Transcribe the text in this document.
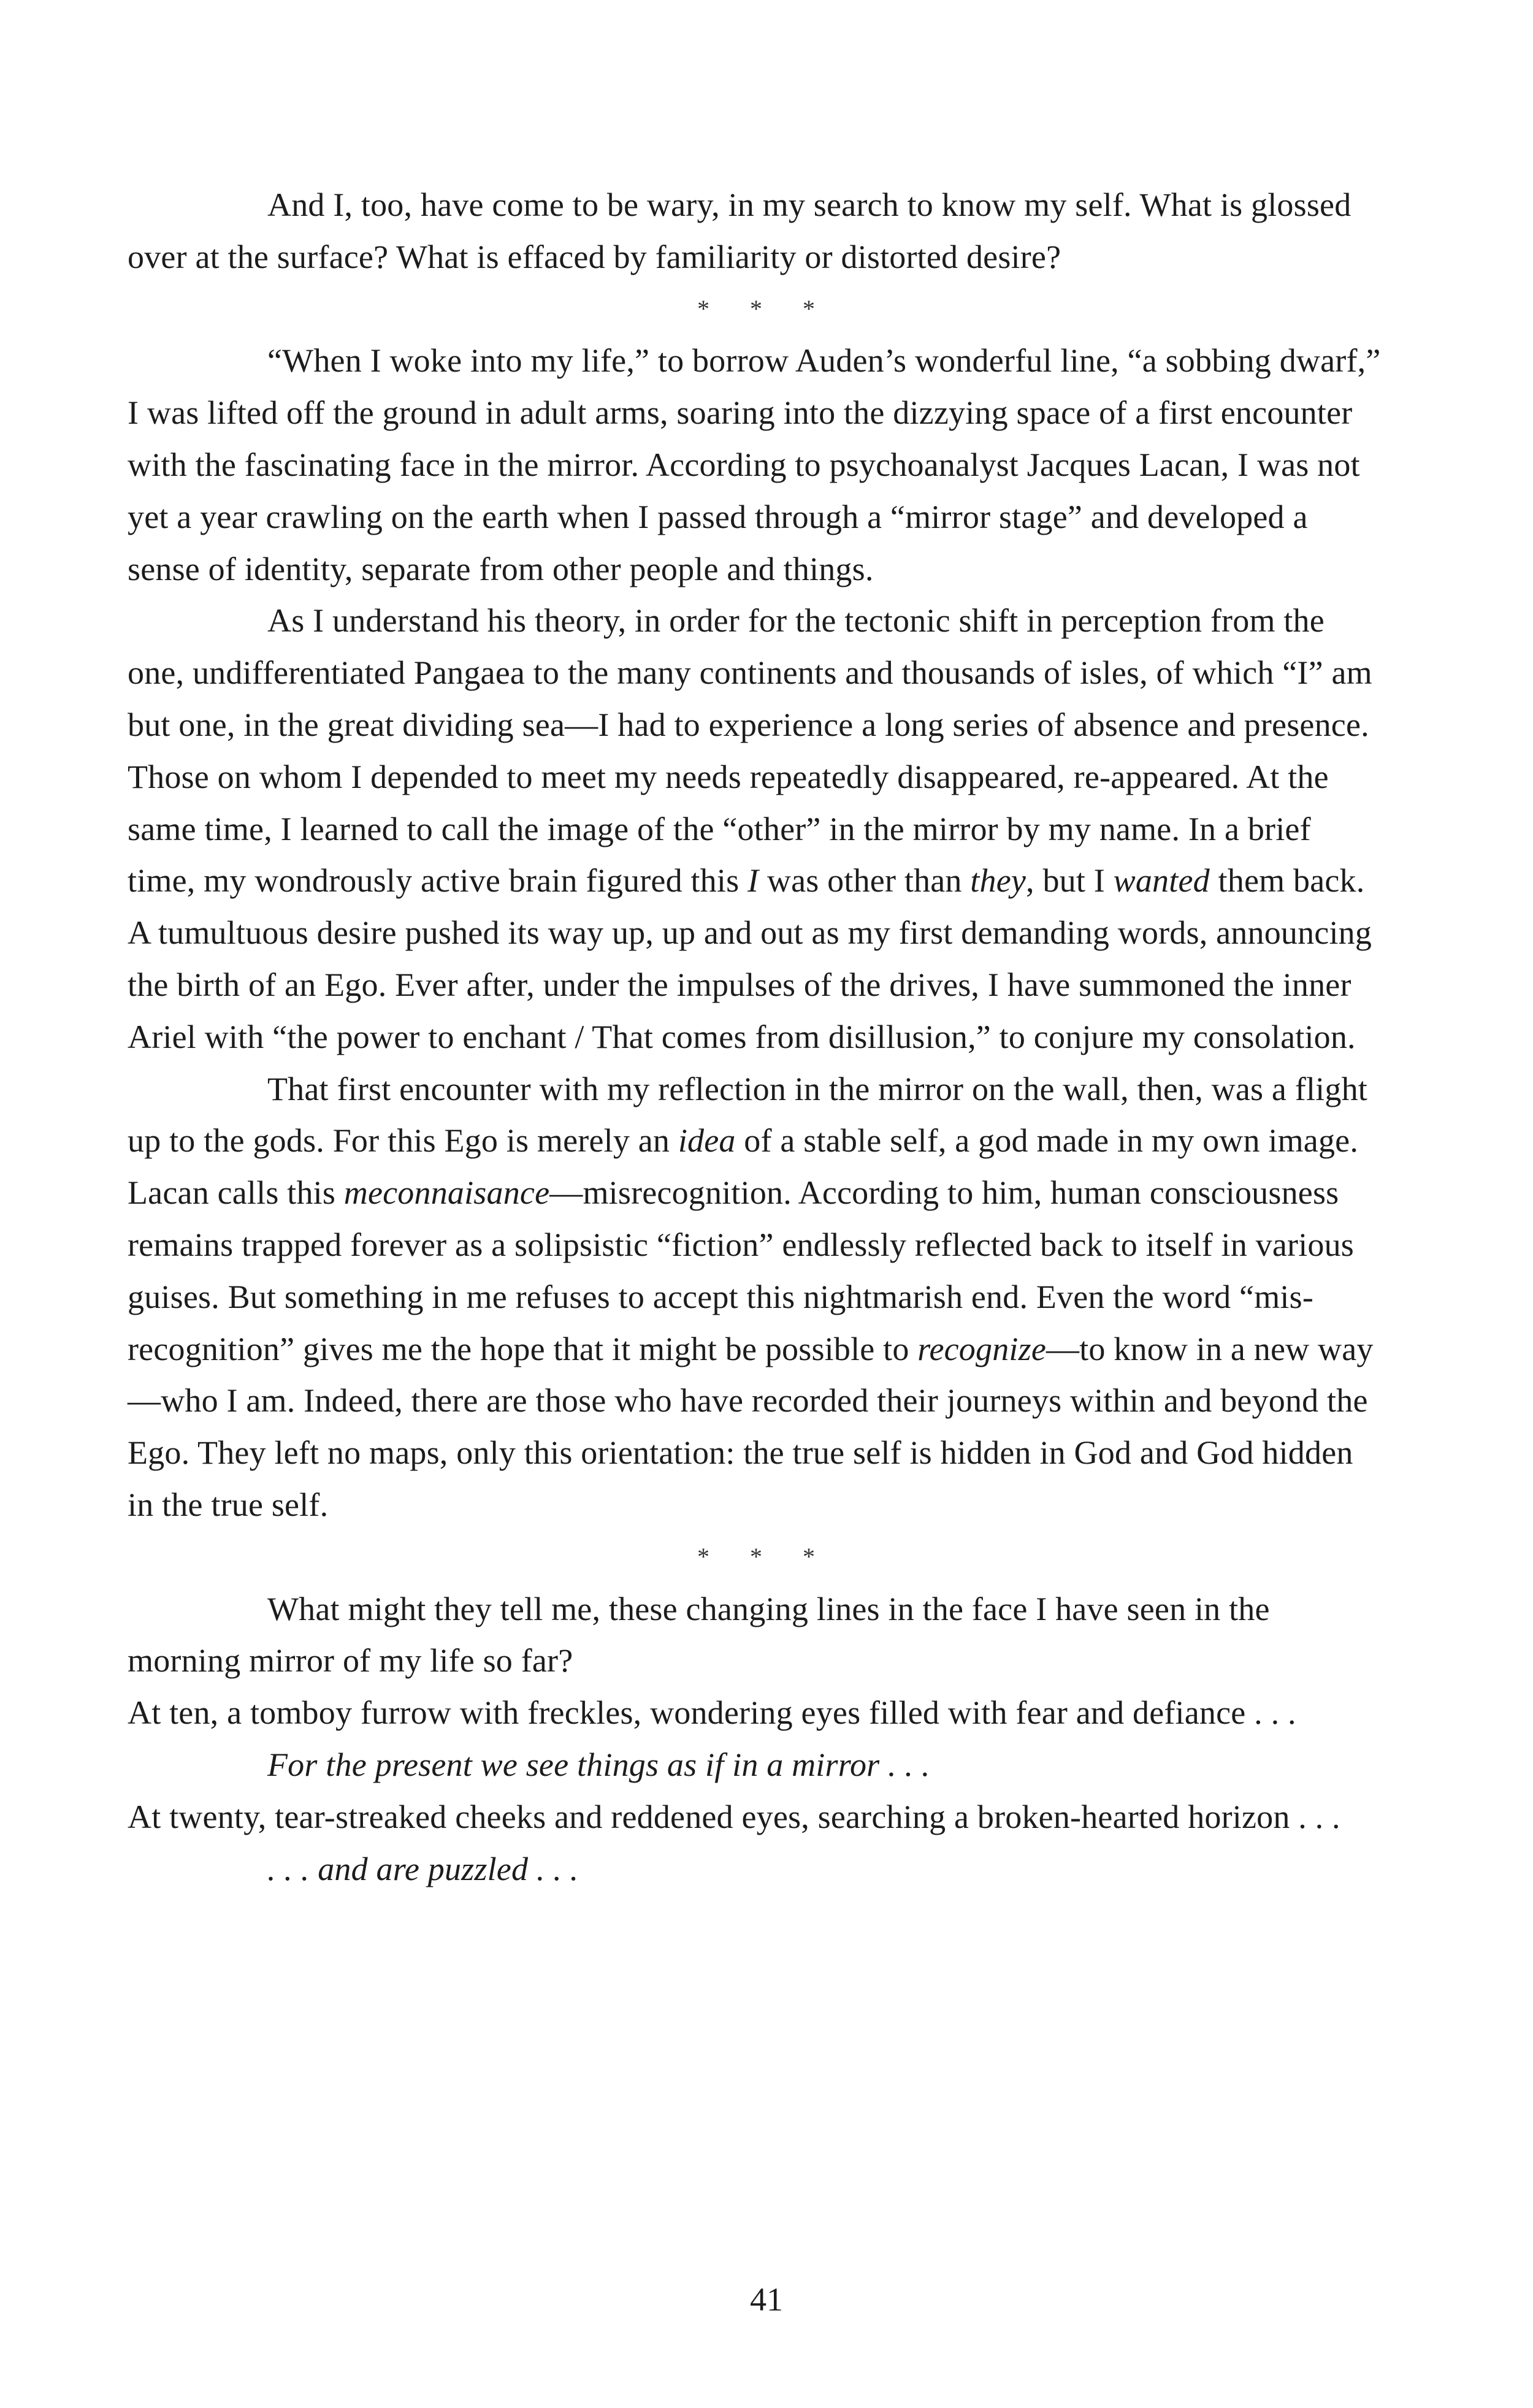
And I, too, have come to be wary, in my search to know my self. What is glossed over at the surface? What is effaced by familiarity or distorted desire?

* * *

“When I woke into my life,” to borrow Auden’s wonderful line, “a sobbing dwarf,” I was lifted off the ground in adult arms, soaring into the dizzying space of a first encounter with the fascinating face in the mirror. According to psychoanalyst Jacques Lacan, I was not yet a year crawling on the earth when I passed through a “mirror stage” and developed a sense of identity, separate from other people and things.

As I understand his theory, in order for the tectonic shift in perception from the one, undifferentiated Pangaea to the many continents and thousands of isles, of which “I” am but one, in the great dividing sea—I had to experience a long series of absence and presence. Those on whom I depended to meet my needs repeatedly disappeared, re-appeared. At the same time, I learned to call the image of the “other” in the mirror by my name. In a brief time, my wondrously active brain figured this I was other than they, but I wanted them back. A tumultuous desire pushed its way up, up and out as my first demanding words, announcing the birth of an Ego. Ever after, under the impulses of the drives, I have summoned the inner Ariel with “the power to enchant / That comes from disillusion,” to conjure my consolation.

That first encounter with my reflection in the mirror on the wall, then, was a flight up to the gods. For this Ego is merely an idea of a stable self, a god made in my own image. Lacan calls this meconnaisance—misrecognition. According to him, human consciousness remains trapped forever as a solipsistic “fiction” endlessly reflected back to itself in various guises. But something in me refuses to accept this nightmarish end. Even the word “mis-recognition” gives me the hope that it might be possible to recognize—to know in a new way—who I am. Indeed, there are those who have recorded their journeys within and beyond the Ego. They left no maps, only this orientation: the true self is hidden in God and God hidden in the true self.

* * *

What might they tell me, these changing lines in the face I have seen in the morning mirror of my life so far?

At ten, a tomboy furrow with freckles, wondering eyes filled with fear and defiance . . .

For the present we see things as if in a mirror . . .

At twenty, tear-streaked cheeks and reddened eyes, searching a broken-hearted horizon . . .

. . . and are puzzled . . .

41
